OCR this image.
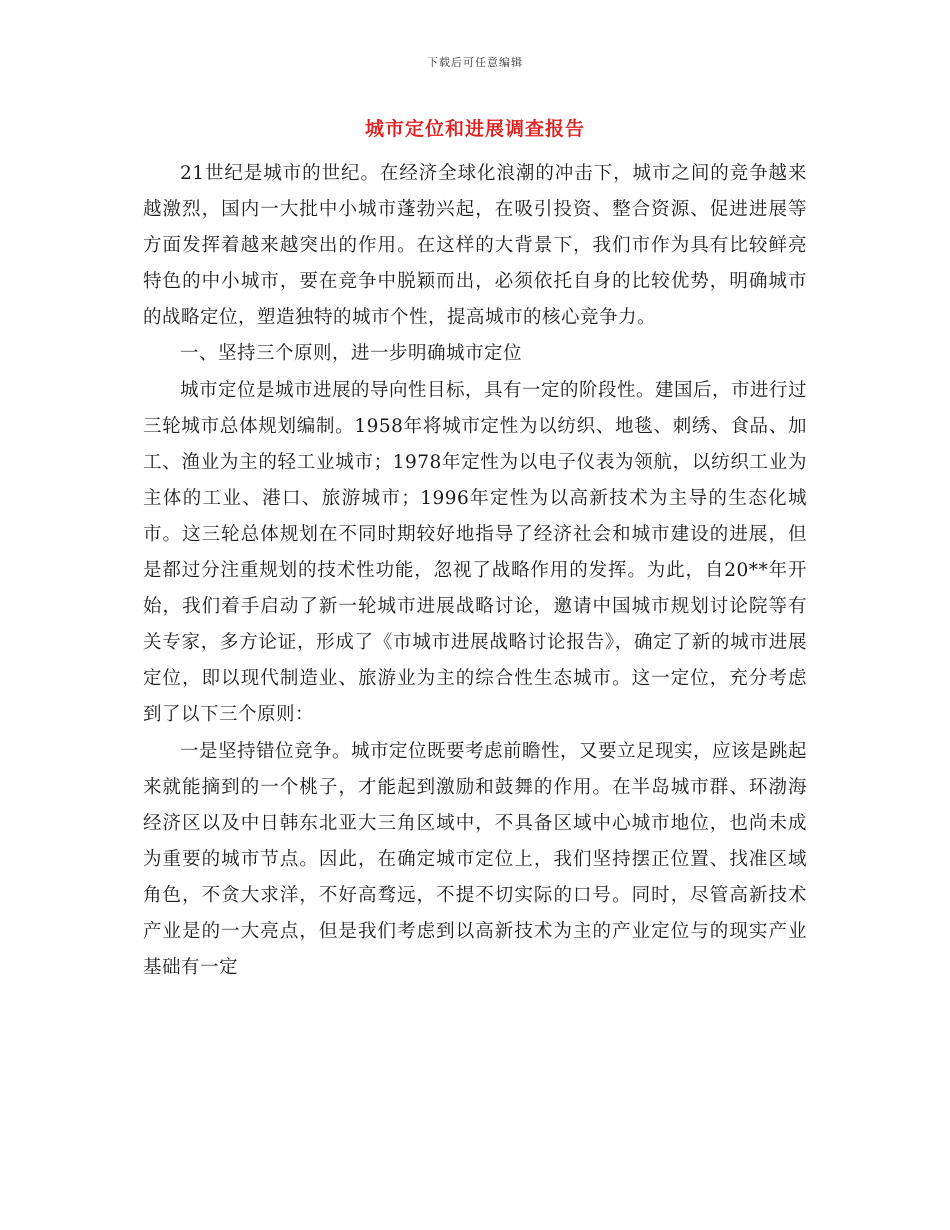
下载后可任意编辑
城市定位和进展调查报告

21世纪是城市的世纪。在经济全球化浪潮的冲击下，城市之间的竞争越来越激烈，国内一大批中小城市蓬勃兴起，在吸引投资、整合资源、促进进展等方面发挥着越来越突出的作用。在这样的大背景下，我们市作为具有比较鲜亮特色的中小城市，要在竞争中脱颖而出，必须依托自身的比较优势，明确城市的战略定位，塑造独特的城市个性，提高城市的核心竞争力。

一、坚持三个原则，进一步明确城市定位

城市定位是城市进展的导向性目标，具有一定的阶段性。建国后，市进行过三轮城市总体规划编制。1958年将城市定性为以纺织、地毯、刺绣、食品、加工、渔业为主的轻工业城市；1978年定性为以电子仪表为领航，以纺织工业为主体的工业、港口、旅游城市；1996年定性为以高新技术为主导的生态化城市。这三轮总体规划在不同时期较好地指导了经济社会和城市建设的进展，但是都过分注重规划的技术性功能，忽视了战略作用的发挥。为此，自20**年开始，我们着手启动了新一轮城市进展战略讨论，邀请中国城市规划讨论院等有关专家，多方论证，形成了《市城市进展战略讨论报告》，确定了新的城市进展定位，即以现代制造业、旅游业为主的综合性生态城市。这一定位，充分考虑到了以下三个原则：

一是坚持错位竞争。城市定位既要考虑前瞻性，又要立足现实，应该是跳起来就能摘到的一个桃子，才能起到激励和鼓舞的作用。在半岛城市群、环渤海经济区以及中日韩东北亚大三角区域中，不具备区域中心城市地位，也尚未成为重要的城市节点。因此，在确定城市定位上，我们坚持摆正位置、找准区域角色，不贪大求洋，不好高骛远，不提不切实际的口号。同时，尽管高新技术产业是的一大亮点，但是我们考虑到以高新技术为主的产业定位与的现实产业基础有一定
